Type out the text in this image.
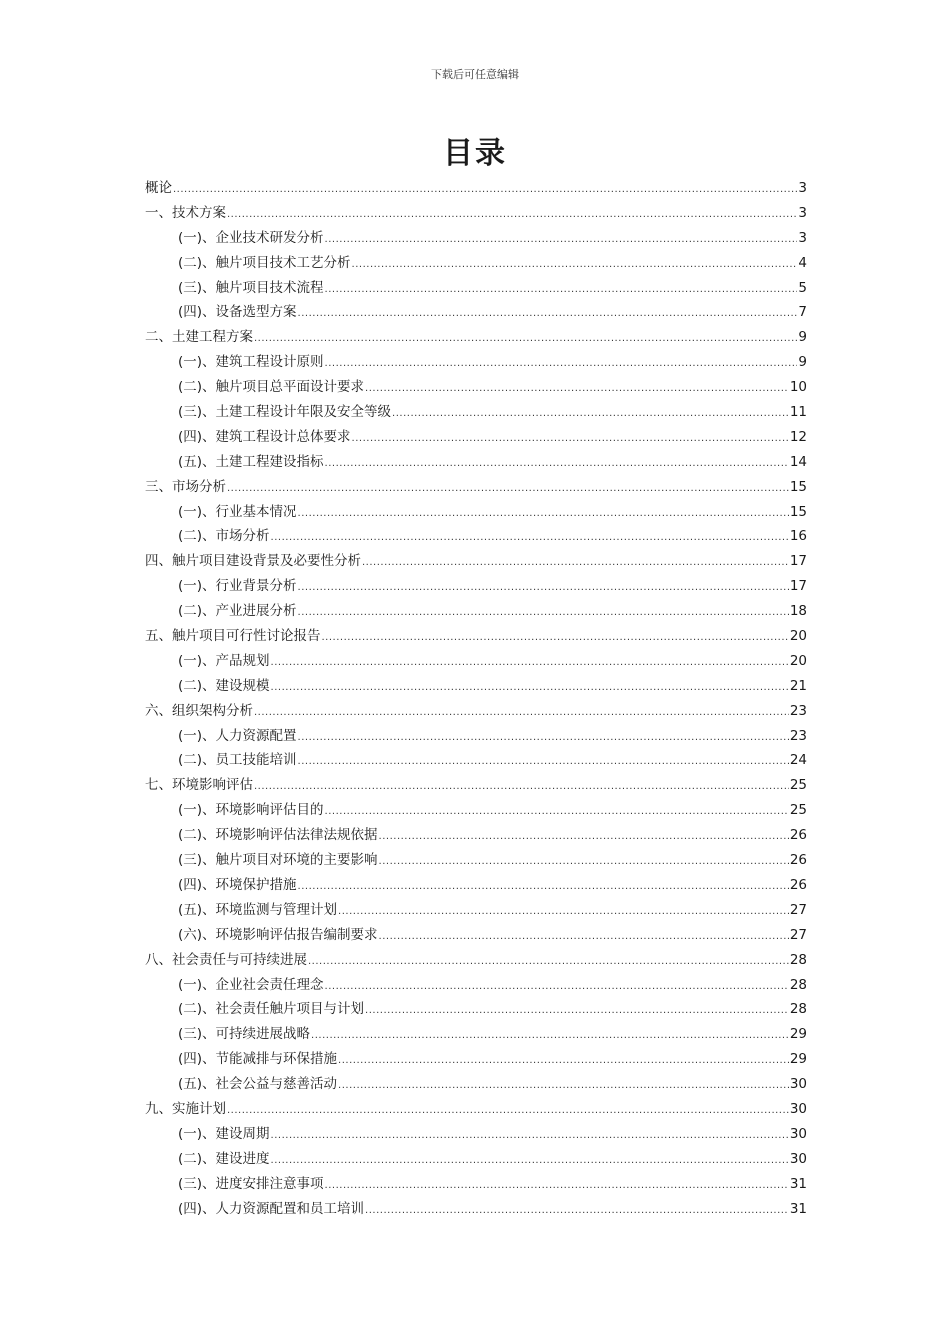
下载后可任意编辑
目录
概论 .....	3
一、技术方案 .....	3
(一)、企业技术研发分析 .....	3
(二)、触片项目技术工艺分析 .....	4
(三)、触片项目技术流程 .....	5
(四)、设备选型方案 .....	7
二、土建工程方案 .....	9
(一)、建筑工程设计原则 .....	9
(二)、触片项目总平面设计要求 .....	10
(三)、土建工程设计年限及安全等级 .....	11
(四)、建筑工程设计总体要求 .....	12
(五)、土建工程建设指标 .....	14
三、市场分析 .....	15
(一)、行业基本情况 .....	15
(二)、市场分析 .....	16
四、触片项目建设背景及必要性分析 .....	17
(一)、行业背景分析 .....	17
(二)、产业进展分析 .....	18
五、触片项目可行性讨论报告 .....	20
(一)、产品规划 .....	20
(二)、建设规模 .....	21
六、组织架构分析 .....	23
(一)、人力资源配置 .....	23
(二)、员工技能培训 .....	24
七、环境影响评估 .....	25
(一)、环境影响评估目的 .....	25
(二)、环境影响评估法律法规依据 .....	26
(三)、触片项目对环境的主要影响 .....	26
(四)、环境保护措施 .....	26
(五)、环境监测与管理计划 .....	27
(六)、环境影响评估报告编制要求 .....	27
八、社会责任与可持续进展 .....	28
(一)、企业社会责任理念 .....	28
(二)、社会责任触片项目与计划 .....	28
(三)、可持续进展战略 .....	29
(四)、节能减排与环保措施 .....	29
(五)、社会公益与慈善活动 .....	30
九、实施计划 .....	30
(一)、建设周期 .....	30
(二)、建设进度 .....	30
(三)、进度安排注意事项 .....	31
(四)、人力资源配置和员工培训 .....	31
